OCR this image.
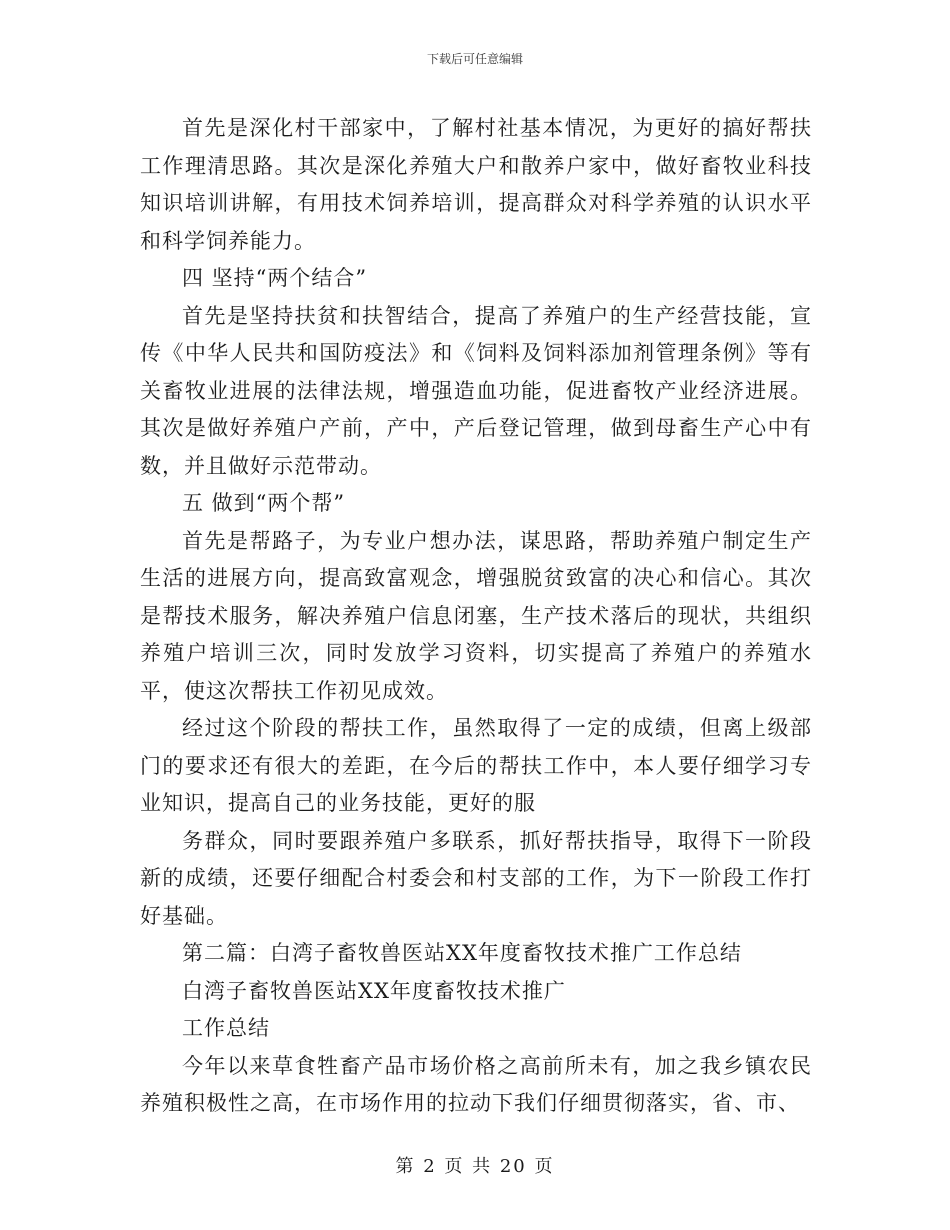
下载后可任意编辑

首先是深化村干部家中，了解村社基本情况，为更好的搞好帮扶工作理清思路。其次是深化养殖大户和散养户家中，做好畜牧业科技知识培训讲解，有用技术饲养培训，提高群众对科学养殖的认识水平和科学饲养能力。

四 坚持“两个结合”

首先是坚持扶贫和扶智结合，提高了养殖户的生产经营技能，宣传《中华人民共和国防疫法》和《饲料及饲料添加剂管理条例》等有关畜牧业进展的法律法规，增强造血功能，促进畜牧产业经济进展。其次是做好养殖户产前，产中，产后登记管理，做到母畜生产心中有数，并且做好示范带动。

五 做到“两个帮”

首先是帮路子，为专业户想办法，谋思路，帮助养殖户制定生产生活的进展方向，提高致富观念，增强脱贫致富的决心和信心。其次是帮技术服务，解决养殖户信息闭塞，生产技术落后的现状，共组织养殖户培训三次，同时发放学习资料，切实提高了养殖户的养殖水平，使这次帮扶工作初见成效。

经过这个阶段的帮扶工作，虽然取得了一定的成绩，但离上级部门的要求还有很大的差距，在今后的帮扶工作中，本人要仔细学习专业知识，提高自己的业务技能，更好的服

务群众，同时要跟养殖户多联系，抓好帮扶指导，取得下一阶段新的成绩，还要仔细配合村委会和村支部的工作，为下一阶段工作打好基础。

第二篇：白湾子畜牧兽医站XX年度畜牧技术推广工作总结

白湾子畜牧兽医站XX年度畜牧技术推广

工作总结

今年以来草食牲畜产品市场价格之高前所未有，加之我乡镇农民养殖积极性之高，在市场作用的拉动下我们仔细贯彻落实，省、市、

第 2 页 共 20 页
